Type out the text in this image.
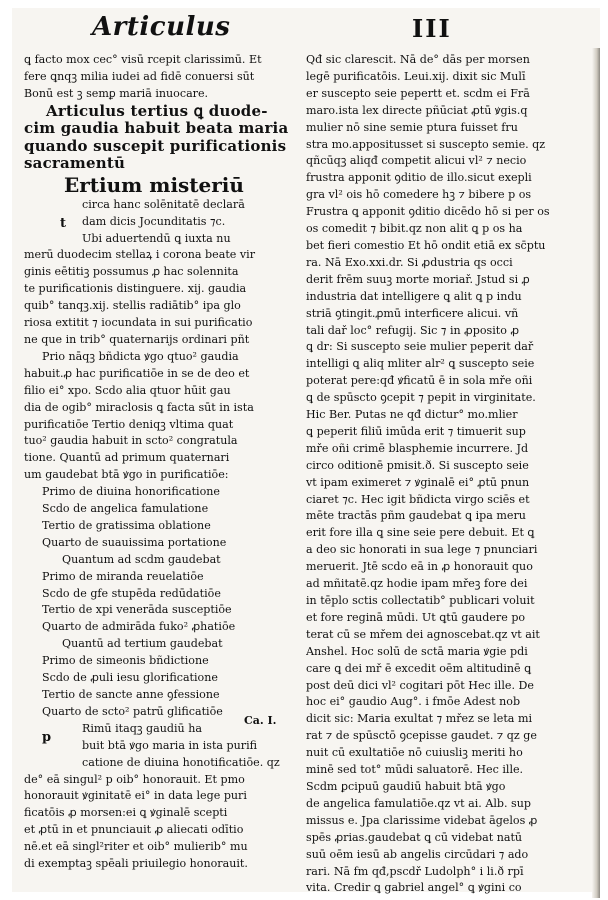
Articulus	III
ꝗ facto mox cec° visū rcepit clarissimū. Et
fere ꝗnqꝫ milia iudei ad fidē conuersi sūt
Bonū est ꝫ semꝑ mariā inuocare.
Articulus tertius ꝗ duode-
cim gaudia habuit beata maria
quando suscepit purificationis
sacramentū
Ertium misteriū
circa hanc solēnitatē declarā
dam dicis Jocunditatis ⁊c.
Ubi aduertendū ꝗ iuxta nu
merū duodecim stellaꝝ i corona beate vir
ginis eētitiꝫ possumus ꝓ hac solennita
te purificationis distinguere. xij. gaudia
quib° tanqꝫ.xij. stellis radiātib° ipa glo
riosa extitit ⁊ iocundata in sui purificatio
ne que in trib° quaternarijs ordinari pñt
Prio nāqꝫ bñdicta ꝟgo qtuo² gaudia
habuit.ꝓ hac purificatiōe in se de deo et
filio ei° xpo. Scdo alia qtuor hūit gau
dia de ogib° miraclosis ꝗ facta sūt in ista
purificatiōe Tertio deniqꝫ vltima quat
tuo² gaudia habuit in scto² congratula
tione. Quantū ad primum quaternari
um gaudebat btā ꝟgo in purificatiōe:
Primo de diuina honorificatione
Scdo de angelica famulatione
Tertio de gratissima oblatione
Quarto de suauissima portatione
Quantum ad scdm gaudebat
Primo de miranda reuelatiōe
Scdo de gfe stupēda redūdatiōe
Tertio de xpi venerāda susceptiōe
Quarto de admirāda fuko² ꝓhatiōe
Quantū ad tertium gaudebat
Primo de simeonis bñdictione
Scdo de ꝓuli iesu glorificatione
Tertio de sancte anne ꝯfessione
Quarto de scto² patrū glificatiōe
Rimū itaqꝫ gaudiū ha
buit btā ꝟgo maria in ista purifi
catione de diuina honotificatiōe. qz
de° eā singul² p oib° honorauit. Et pmo
honorauit ꝟginitatē ei° in data lege puri
ficatōis ꝓ morsen:ei ꝗ ꝟginalē scepti
et ꝓtū in et pnunciauit ꝓ aliecati odītio
nē.et eā singl²riter et oib° mulierib° mu
di exemptaꝫ spēali priuilegio honorauit.
t
p
Ca. I.
Qđ sic clarescit. Nā de° dās per morsen
legē purificatōis. Leui.xij. dixit sic Mulī
er suscepto seie pepertt et. scdm ei Frā
maro.ista lex directe pñūciat ꝓtū ꝟgis.q
mulier nō sine semie ptura fuisset fru
stra mo.appositusset si suscepto semie. qz
qñcūqꝫ aliqđ competit alicui vl² ⁊ necio
frustra apponit ꝯditio de illo.sicut exepli
gra vl² ois hō comedere hꝫ ⁊ bibere p os
Frustra ꝗ apponit ꝯditio dicēdo hō si per os
os comedit ⁊ bibit.qz non alit ꝗ p os ha
bet fieri comestio Et hō ondit etiā ex sc̄ptu
ra. Nā Exo.xxi.dr. Si ꝓdustria qs occi
derit frēm suuꝫ morte moriař. Jstud si ꝓ
industria dat intelligere ꝗ alit ꝗ p indu
striā ꝯtingit.ꝓmū interficere alicui. vñ
tali dař loc° refugij. Sic ⁊ in ꝓposito ꝓ
ꝗ dr: Si suscepto seie mulier peperit dař
intelligi ꝗ aliq mliter alr² ꝗ suscepto seie
poterat pere:qđ ꝟficatū ē in sola mře oñi
ꝗ de spūscto ꝯcepit ⁊ pepit in virginitate.
Hic Ber. Putas ne qđ dictur° mo.mlier
ꝗ peperit filiū imūda erit ⁊ timuerit sup
mře oñi crimē blasphemie incurrere. Jd
circo oditionē pmisit.ð. Si suscepto seie
vt ipam eximeret ⁊ ꝟginalē ei° ꝓtū pnun
ciaret ⁊c. Hec igit bñdicta virgo sciēs et
mēte tractās pñm gaudebat ꝗ ipa meru
erit fore illa ꝗ sine seie pere debuit. Et ꝗ
a deo sic honorati in sua lege ⁊ pnunciari
meruerit. Jtē scdo eā in ꝓ honorauit quo
ad mñitatē.qz hodie ipam mřeꝫ fore dei
in tēplo sctis collectatib° publicari voluit
et fore reginā mūdi. Ut ꝗtū gaudere po
terat cū se mřem dei agnoscebat.qz vt ait
Anshel. Hoc solū de sctā maria ꝟgie pdi
care ꝗ dei mř ē excedit oēm altitudinē ꝗ
post deū dici vl² cogitari pōt Hec ille. De
hoc ei° gaudio Aug°. i fmōe Adest nob
dicit sic: Maria exultat ⁊ mřez se leta mi
rat ⁊ de spūsctō ꝯcepisse gaudet. ⁊ qz ge
nuit cū exultatiōe nō cuiusliꝫ meriti ho
minē sed tot° mūdi saluatorē. Hec ille.
Scdm ꝑcipuū gaudiū habuit btā ꝟgo
de angelica famulatiōe.qz vt ai. Alb. sup
missus e. Jpa clarissime videbat āgelos ꝓ
spēs ꝓrias.gaudebat ꝗ cū videbat natū
suū oēm iesū ab angelis circūdari ⁊ ado
rari. Nā fm qđ,pscdř Ludolph° i li.ð rpī
vita. Credir ꝗ gabriel angel° ꝗ ꝟgini co
